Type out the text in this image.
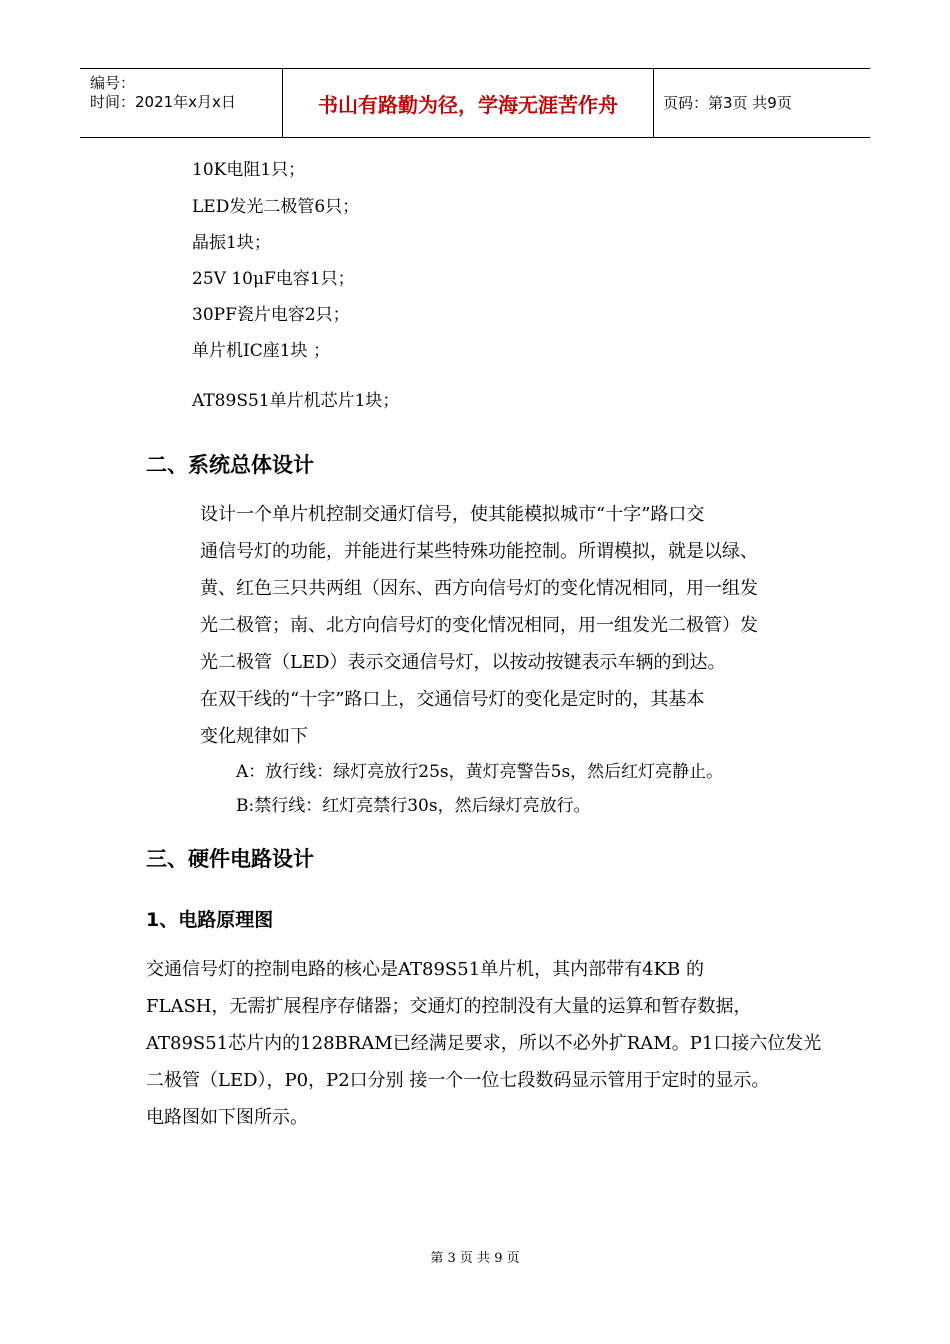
编号：
时间：2021年x月x日	书山有路勤为径，学海无涯苦作舟	页码：第3页 共9页
10K电阻1只；
LED发光二极管6只；
晶振1块；
25V 10μF电容1只；
30PF瓷片电容2只；
单片机IC座1块 ；
AT89S51单片机芯片1块；
二、系统总体设计
设计一个单片机控制交通灯信号，使其能模拟城市“十字”路口交
通信号灯的功能，并能进行某些特殊功能控制。所谓模拟，就是以绿、
黄、红色三只共两组（因东、西方向信号灯的变化情况相同，用一组发
光二极管；南、北方向信号灯的变化情况相同，用一组发光二极管）发
光二极管（LED）表示交通信号灯，以按动按键表示车辆的到达。
在双干线的“十字”路口上，交通信号灯的变化是定时的，其基本
变化规律如下
A：放行线：绿灯亮放行25s，黄灯亮警告5s，然后红灯亮静止。
B:禁行线：红灯亮禁行30s，然后绿灯亮放行。
三、硬件电路设计
1、电路原理图
交通信号灯的控制电路的核心是AT89S51单片机，其内部带有4KB 的
FLASH，无需扩展程序存储器；交通灯的控制没有大量的运算和暂存数据，
AT89S51芯片内的128BRAM已经满足要求，所以不必外扩RAM。P1口接六位发光
二极管（LED），P0，P2口分别 接一个一位七段数码显示管用于定时的显示。
电路图如下图所示。
第 3 页 共 9 页
